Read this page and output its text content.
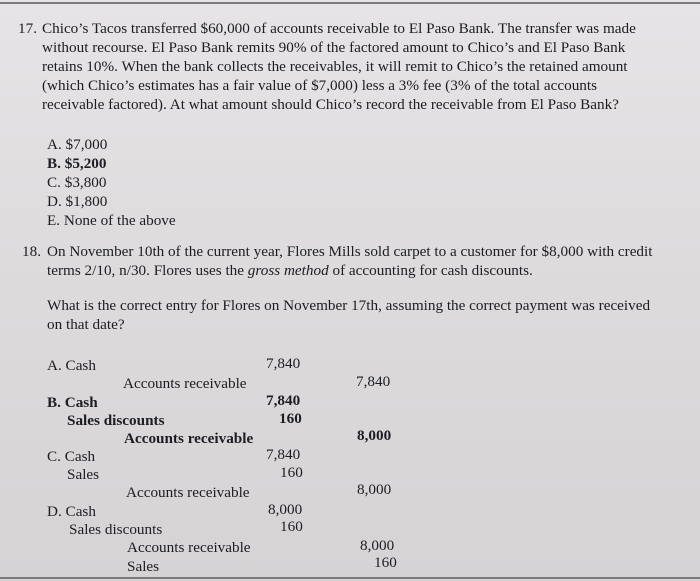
17. Chico’s Tacos transferred $60,000 of accounts receivable to El Paso Bank. The transfer was made
without recourse. El Paso Bank remits 90% of the factored amount to Chico’s and El Paso Bank
retains 10%. When the bank collects the receivables, it will remit to Chico’s the retained amount
(which Chico’s estimates has a fair value of $7,000) less a 3% fee (3% of the total accounts
receivable factored). At what amount should Chico’s record the receivable from El Paso Bank?
A. $7,000
B. $5,200
C. $3,800
D. $1,800
E. None of the above
18. On November 10th of the current year, Flores Mills sold carpet to a customer for $8,000 with credit
terms 2/10, n/30. Flores uses the gross method of accounting for cash discounts.
What is the correct entry for Flores on November 17th, assuming the correct payment was received
on that date?
A. Cash	7,840
Accounts receivable	7,840
B. Cash	7,840
Sales discounts	160
Accounts receivable	8,000
C. Cash	7,840
Sales	160
Accounts receivable	8,000
D. Cash	8,000
Sales discounts	160
Accounts receivable	8,000
Sales	160
